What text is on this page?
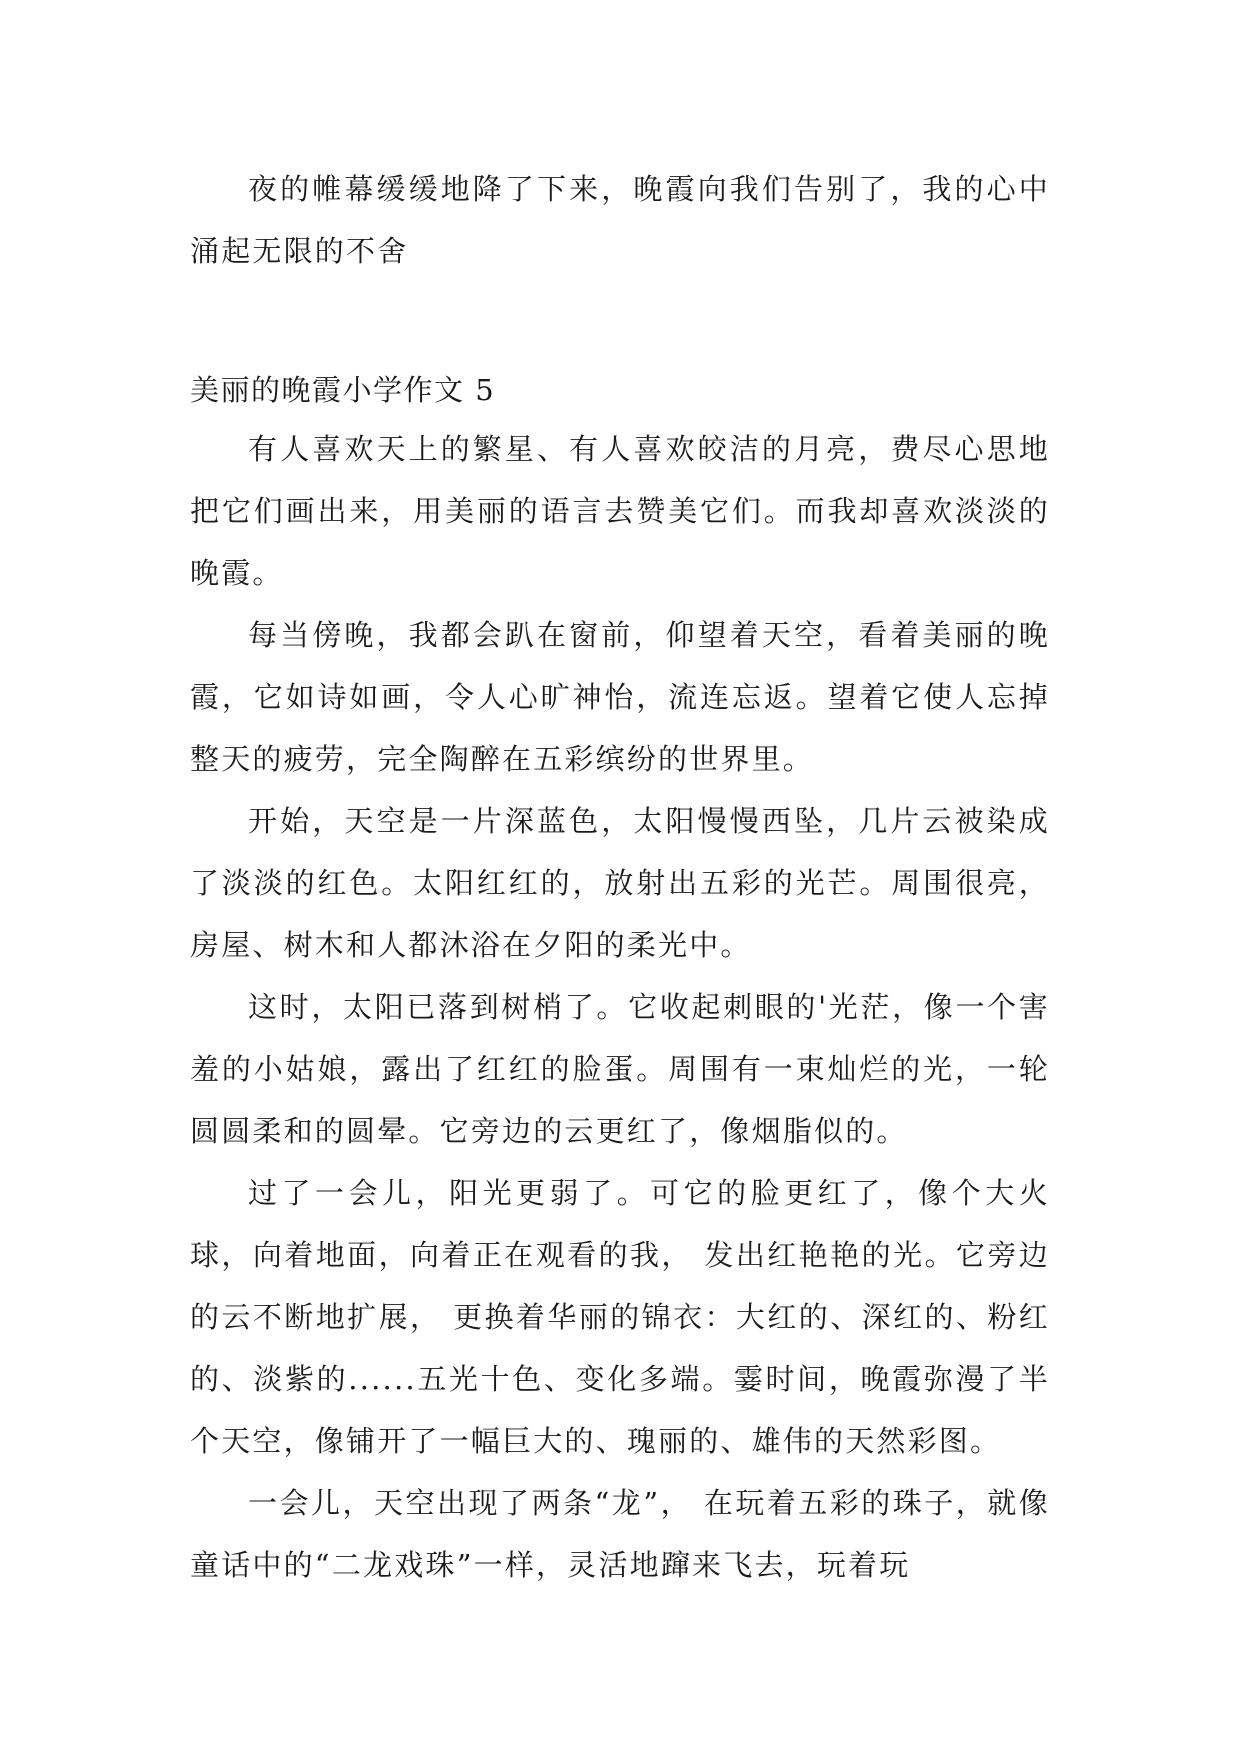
夜的帷幕缓缓地降了下来，晚霞向我们告别了，我的心中涌起无限的不舍

美丽的晚霞小学作文 5

有人喜欢天上的繁星、有人喜欢皎洁的月亮，费尽心思地把它们画出来，用美丽的语言去赞美它们。而我却喜欢淡淡的晚霞。

每当傍晚，我都会趴在窗前，仰望着天空，看着美丽的晚霞，它如诗如画，令人心旷神怡，流连忘返。望着它使人忘掉整天的疲劳，完全陶醉在五彩缤纷的世界里。

开始，天空是一片深蓝色，太阳慢慢西坠，几片云被染成了淡淡的红色。太阳红红的，放射出五彩的光芒。周围很亮，房屋、树木和人都沐浴在夕阳的柔光中。

这时，太阳已落到树梢了。它收起刺眼的'光茫，像一个害羞的小姑娘，露出了红红的脸蛋。周围有一束灿烂的光，一轮圆圆柔和的圆晕。它旁边的云更红了，像烟脂似的。

过了一会儿，阳光更弱了。可它的脸更红了，像个大火球，向着地面，向着正在观看的我， 发出红艳艳的光。它旁边的云不断地扩展， 更换着华丽的锦衣：大红的、深红的、粉红的、淡紫的......五光十色、变化多端。霎时间，晚霞弥漫了半个天空，像铺开了一幅巨大的、瑰丽的、雄伟的天然彩图。

一会儿，天空出现了两条“龙”， 在玩着五彩的珠子，就像童话中的“二龙戏珠”一样，灵活地蹿来飞去，玩着玩
